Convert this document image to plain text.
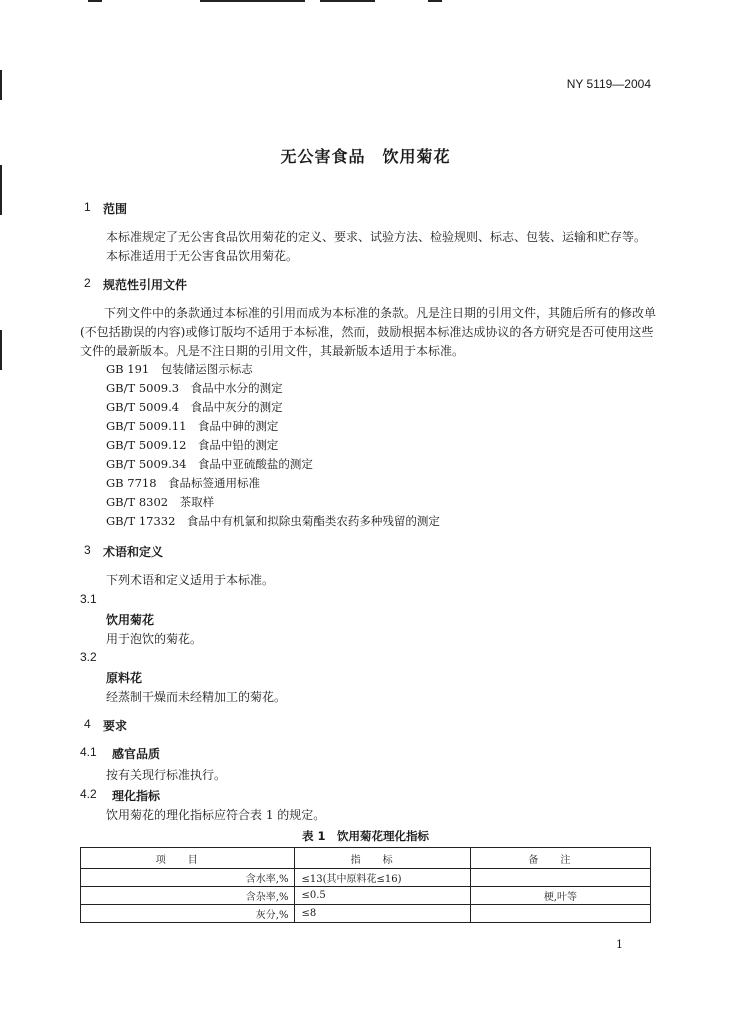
NY 5119—2004
无公害食品　饮用菊花
1 范围
本标准规定了无公害食品饮用菊花的定义、要求、试验方法、检验规则、标志、包装、运输和贮存等。
本标准适用于无公害食品饮用菊花。
2 规范性引用文件

下列文件中的条款通过本标准的引用而成为本标准的条款。凡是注日期的引用文件，其随后所有的修改单(不包括勘误的内容)或修订版均不适用于本标准，然而，鼓励根据本标准达成协议的各方研究是否可使用这些文件的最新版本。凡是不注日期的引用文件，其最新版本适用于本标准。

GB 191　包装储运图示标志
GB/T 5009.3　食品中水分的测定
GB/T 5009.4　食品中灰分的测定
GB/T 5009.11　食品中砷的测定
GB/T 5009.12　食品中铅的测定
GB/T 5009.34　食品中亚硫酸盐的测定
GB 7718　食品标签通用标准
GB/T 8302　茶取样
GB/T 17332　食品中有机氯和拟除虫菊酯类农药多种残留的测定
3 术语和定义
下列术语和定义适用于本标准。
3.1
饮用菊花
用于泡饮的菊花。
3.2
原料花
经蒸制干燥而未经精加工的菊花。
4 要求
4.1 感官品质
按有关现行标准执行。
4.2 理化指标
饮用菊花的理化指标应符合表 1 的规定。
表 1　饮用菊花理化指标
项目	指标	备注
含水率,%	≤13(其中原料花≤16)	
含杂率,%	≤0.5	梗,叶等
灰分,%	≤8	
1
